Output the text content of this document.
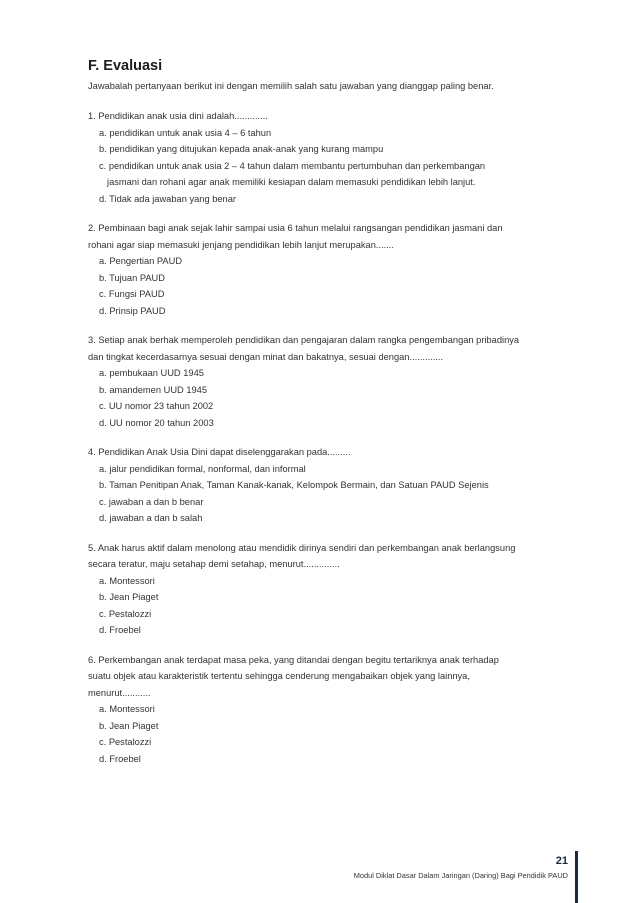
F. Evaluasi
Jawabalah pertanyaan berikut ini dengan memilih salah satu jawaban yang dianggap paling benar.
1. Pendidikan anak usia dini adalah.............
a. pendidikan untuk anak usia 4 – 6 tahun
b. pendidikan yang ditujukan kepada anak-anak yang kurang mampu
c. pendidikan untuk anak usia 2 – 4 tahun dalam membantu pertumbuhan dan perkembangan
jasmani dan rohani agar anak memiliki kesiapan dalam memasuki pendidikan lebih lanjut.
d. Tidak ada jawaban yang benar
2. Pembinaan bagi anak sejak lahir sampai usia 6 tahun melalui rangsangan pendidikan jasmani dan
rohani agar siap memasuki jenjang pendidikan lebih lanjut merupakan.......
a. Pengertian PAUD
b. Tujuan PAUD
c. Fungsi PAUD
d. Prinsip PAUD
3. Setiap anak berhak memperoleh pendidikan dan pengajaran dalam rangka pengembangan pribadinya
dan tingkat kecerdasarnya sesuai dengan minat dan bakatnya, sesuai dengan.............
a. pembukaan UUD 1945
b. amandemen UUD 1945
c. UU nomor 23 tahun 2002
d. UU nomor 20 tahun 2003
4. Pendidikan Anak Usia Dini dapat diselenggarakan pada.........
a. jalur pendidikan formal, nonformal, dan informal
b. Taman Penitipan Anak, Taman Kanak-kanak, Kelompok Bermain, dan Satuan PAUD Sejenis
c. jawaban a dan b benar
d. jawaban a dan b salah
5. Anak harus aktif dalam menolong atau mendidik dirinya sendiri dan perkembangan anak berlangsung
secara teratur, maju setahap demi setahap, menurut..............
a. Montessori
b. Jean Piaget
c. Pestalozzi
d. Froebel
6. Perkembangan anak terdapat masa peka, yang ditandai dengan begitu tertariknya anak terhadap
suatu objek atau karakteristik tertentu sehingga cenderung mengabaikan objek yang lainnya,
menurut...........
a. Montessori
b. Jean Piaget
c. Pestalozzi
d. Froebel
21
Modul Diklat Dasar Dalam Jaringan (Daring) Bagi Pendidik PAUD
